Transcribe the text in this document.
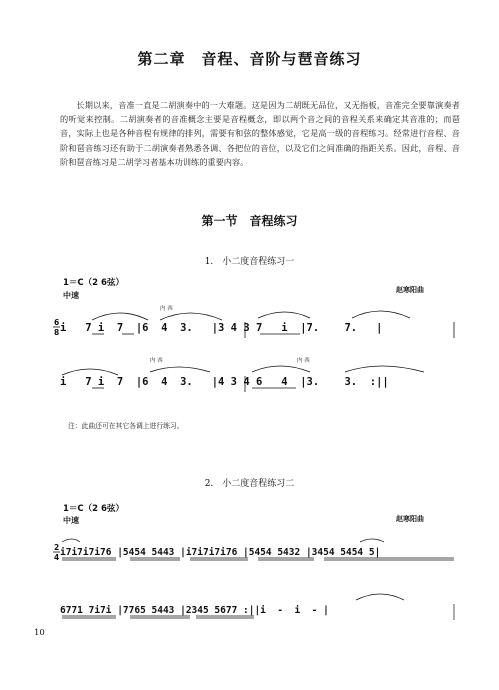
第二章　音程、音阶与琶音练习
长期以来，音准一直是二胡演奏中的一大难题。这是因为二胡既无品位，又无指板，音准完全要靠演奏者的听觉来控制。二胡演奏者的音准概念主要是音程概念，即以两个音之间的音程关系来确定其音准的；而琶音，实际上也是各种音程有规律的排列，需要有和弦的整体感觉，它是高一级的音程练习。经常进行音程、音阶和琶音练习还有助于二胡演奏者熟悉各调、各把位的音位，以及它们之间准确的指距关系。因此，音程、音阶和琶音练习是二胡学习者基本功训练的重要内容。
第一节　音程练习
1.　小二度音程练习一
1＝C（2 6弦）
赵寒阳曲
中速
内 西
内 西	内 西
i   7 i  7  |6  4  3.   |3 4 3 7   i  |7.    7.   |
i   7 i  7  |6  4  3.   |4 3 4 6   4  |3.    3.  :||
注：此曲还可在其它各调上进行练习。
2.　小二度音程练习二
1＝C（2 6弦）
赵寒阳曲
中速
i7i7i7i76 |5454 5443 |i7i7i7i76 |5454 5432 |3454 5454 5|
6771 7i7i |7765 5443 |2345 5677 :||i  -  i  - |
10
6
8
2
4
